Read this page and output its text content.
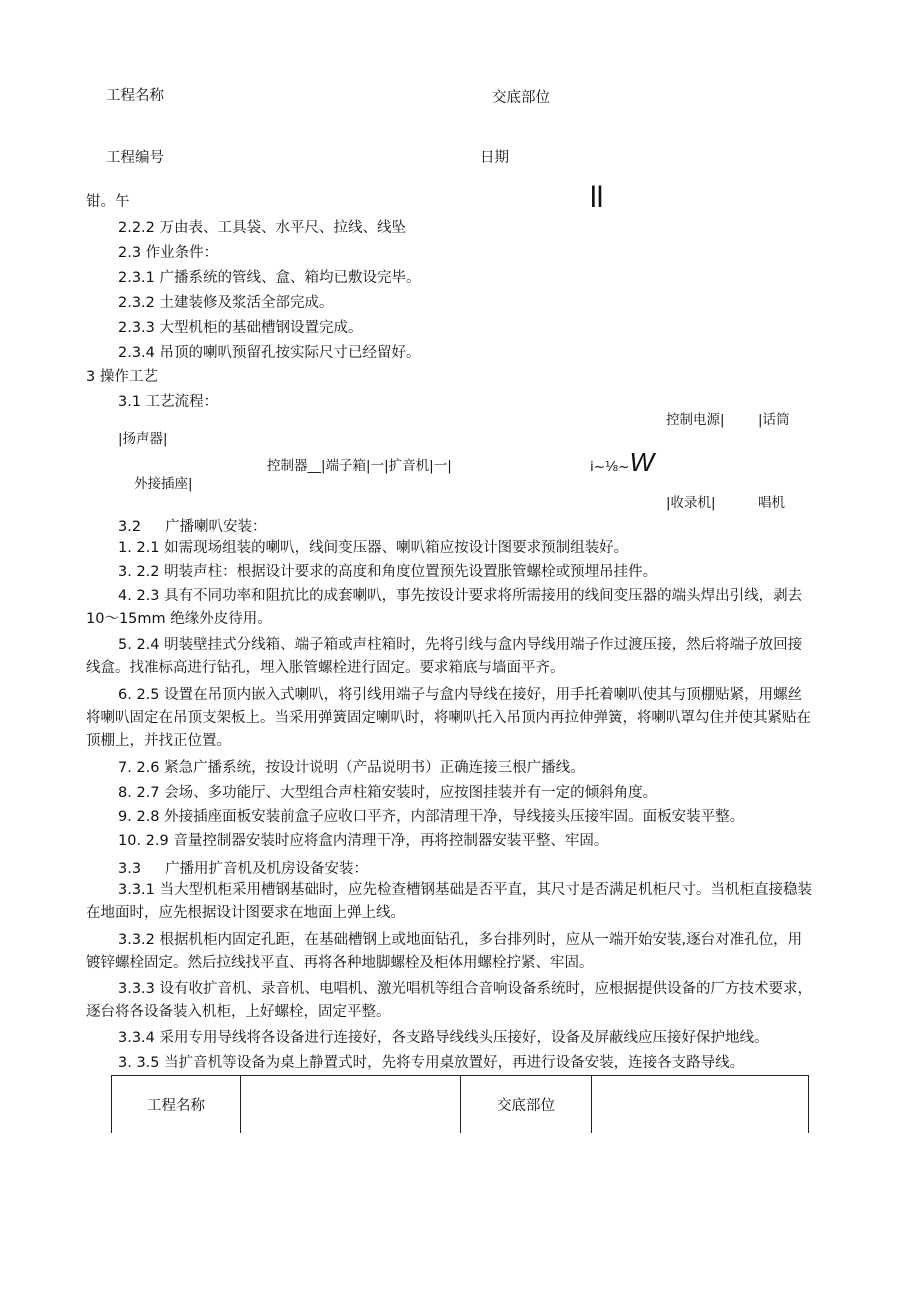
工程名称	交底部位
工程编号	日期
钳。午	ll
2.2.2 万由表、工具袋、水平尺、拉线、线坠
2.3 作业条件：
2.3.1 广播系统的管线、盒、箱均已敷设完毕。
2.3.2 土建装修及浆活全部完成。
2.3.3 大型机柜的基础槽钢设置完成。
2.3.4 吊顶的喇叭预留孔按实际尺寸已经留好。
3 操作工艺
3.1 工艺流程：
控制电源| |话筒
|扬声器|
控制器__|端子箱|一|扩音机|一|	i~⅛~W
外接插座|
|收录机|	唱机
3.2 广播喇叭安装：
1. 2.1 如需现场组装的喇叭，线间变压器、喇叭箱应按设计图要求预制组装好。
3. 2.2 明装声柱：根据设计要求的高度和角度位置预先设置胀管螺栓或预埋吊挂件。
4. 2.3 具有不同功率和阻抗比的成套喇叭，事先按设计要求将所需接用的线间变压器的端头焊出引线，剥去 10～15mm 绝缘外皮待用。
5. 2.4 明装壁挂式分线箱、端子箱或声柱箱时，先将引线与盒内导线用端子作过渡压接，然后将端子放回接线盒。找准标高进行钻孔，埋入胀管螺栓进行固定。要求箱底与墙面平齐。
6. 2.5 设置在吊顶内嵌入式喇叭，将引线用端子与盒内导线在接好，用手托着喇叭使其与顶棚贴紧，用螺丝将喇叭固定在吊顶支架板上。当采用弹簧固定喇叭时，将喇叭托入吊顶内再拉伸弹簧，将喇叭罩勾住并使其紧贴在顶棚上，并找正位置。
7. 2.6 紧急广播系统，按设计说明（产品说明书）正确连接三根广播线。
8. 2.7 会场、多功能厅、大型组合声柱箱安装时，应按图挂装并有一定的倾斜角度。
9. 2.8 外接插座面板安装前盒子应收口平齐，内部清理干净，导线接头压接牢固。面板安装平整。
10. 2.9 音量控制器安装时应将盒内清理干净，再将控制器安装平整、牢固。
3.3 广播用扩音机及机房设备安装：
3.3.1 当大型机柜采用槽钢基础时，应先检查槽钢基础是否平直，其尺寸是否满足机柜尺寸。当机柜直接稳装在地面时，应先根据设计图要求在地面上弹上线。
3.3.2 根据机柜内固定孔距，在基础槽钢上或地面钻孔，多台排列时，应从一端开始安装,逐台对准孔位，用镀锌螺栓固定。然后拉线找平直、再将各种地脚螺栓及柜体用螺栓拧紧、牢固。
3.3.3 设有收扩音机、录音机、电唱机、激光唱机等组合音响设备系统时，应根据提供设备的厂方技术要求，逐台将各设备装入机柜，上好螺栓，固定平整。
3.3.4 采用专用导线将各设备进行连接好，各支路导线线头压接好，设备及屏蔽线应压接好保护地线。
3. 3.5 当扩音机等设备为桌上静置式时，先将专用桌放置好，再进行设备安装，连接各支路导线。
工程名称		交底部位	
